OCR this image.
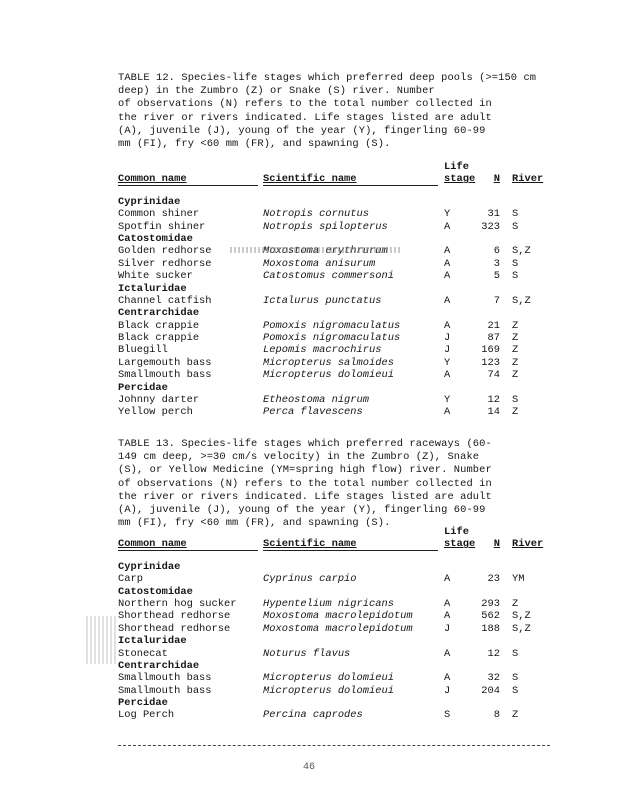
TABLE 12. Species-life stages which preferred deep pools (>=150 cm deep) in the Zumbro (Z) or Snake (S) river. Number
of observations (N) refers to the total number collected in
the river or rivers indicated. Life stages listed are adult
(A), juvenile (J), young of the year (Y), fingerling 60-99
mm (FI), fry <60 mm (FR), and spawning (S).
Life
Common name	Scientific name	stage	N River
Cyprinidae
Common shiner	Notropis cornutus	Y	31 S
Spotfin shiner	Notropis spilopterus	A	323 S
Catostomidae
Golden redhorse	Moxostoma erythrurum	A	6 S,Z
Silver redhorse	Moxostoma anisurum	A	3 S
White sucker	Catostomus commersoni	A	5 S
Ictaluridae
Channel catfish	Ictalurus punctatus	A	7 S,Z
Centrarchidae
Black crappie	Pomoxis nigromaculatus	A	21 Z
Black crappie	Pomoxis nigromaculatus	J	87 Z
Bluegill	Lepomis macrochirus	J	169 Z
Largemouth bass	Micropterus salmoides	Y	123 Z
Smallmouth bass	Micropterus dolomieui	A	74 Z
Percidae
Johnny darter	Etheostoma nigrum	Y	12 S
Yellow perch	Perca flavescens	A	14 Z
TABLE 13. Species-life stages which preferred raceways (60-
149 cm deep, >=30 cm/s velocity) in the Zumbro (Z), Snake
(S), or Yellow Medicine (YM=spring high flow) river. Number
of observations (N) refers to the total number collected in
the river or rivers indicated. Life stages listed are adult
(A), juvenile (J), young of the year (Y), fingerling 60-99
mm (FI), fry <60 mm (FR), and spawning (S).
Life
Common name	Scientific name	stage	N River
Cyprinidae
Carp	Cyprinus carpio	A	23 YM
Catostomidae
Northern hog sucker	Hypentelium nigricans	A	293 Z
Shorthead redhorse	Moxostoma macrolepidotum	A	562 S,Z
Shorthead redhorse	Moxostoma macrolepidotum	J	188 S,Z
Ictaluridae
Stonecat	Noturus flavus	A	12 S
Centrarchidae
Smallmouth bass	Micropterus dolomieui	A	32 S
Smallmouth bass	Micropterus dolomieui	J	204 S
Percidae
Log Perch	Percina caprodes	S	8 Z
46
